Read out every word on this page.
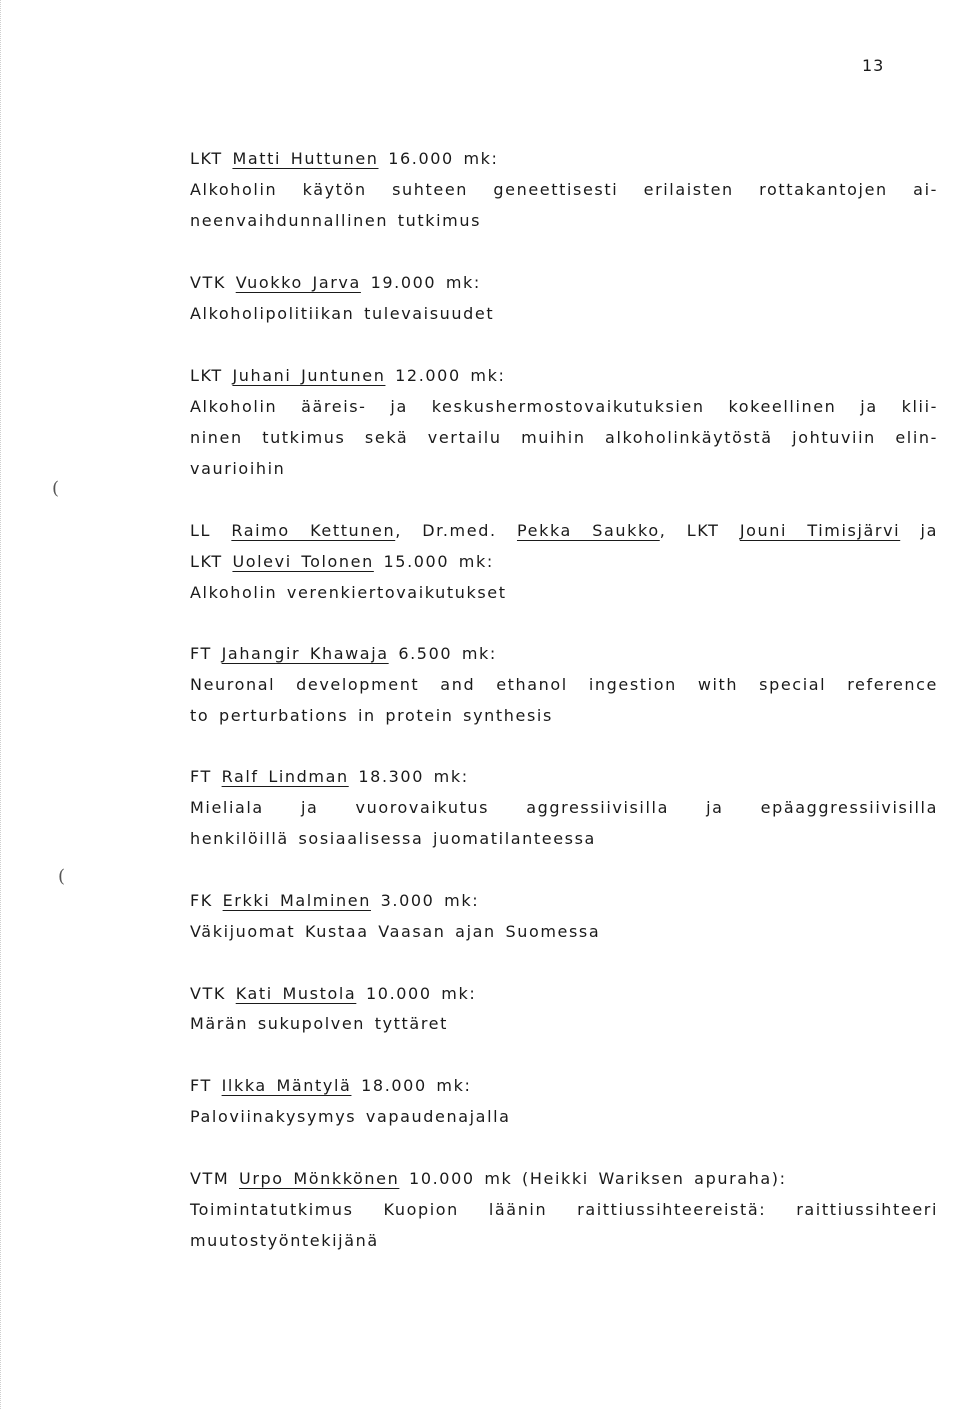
13
LKT Matti Huttunen 16.000 mk:
Alkoholin käytön suhteen geneettisesti erilaisten rottakantojen ai-
neenvaihdunnallinen tutkimus
VTK Vuokko Jarva 19.000 mk:
Alkoholipolitiikan tulevaisuudet
LKT Juhani Juntunen 12.000 mk:
Alkoholin ääreis- ja keskushermostovaikutuksien kokeellinen ja klii-
ninen tutkimus sekä vertailu muihin alkoholinkäytöstä johtuviin elin-
vaurioihin
LL Raimo Kettunen, Dr.med. Pekka Saukko, LKT Jouni Timisjärvi ja
LKT Uolevi Tolonen 15.000 mk:
Alkoholin verenkiertovaikutukset
FT Jahangir Khawaja 6.500 mk:
Neuronal development and ethanol ingestion with special reference
to perturbations in protein synthesis
FT Ralf Lindman 18.300 mk:
Mieliala ja vuorovaikutus aggressiivisilla ja epäaggressiivisilla
henkilöillä sosiaalisessa juomatilanteessa
FK Erkki Malminen 3.000 mk:
Väkijuomat Kustaa Vaasan ajan Suomessa
VTK Kati Mustola 10.000 mk:
Märän sukupolven tyttäret
FT Ilkka Mäntylä 18.000 mk:
Paloviinakysymys vapaudenajalla
VTM Urpo Mönkkönen 10.000 mk (Heikki Wariksen apuraha):
Toimintatutkimus Kuopion läänin raittiussihteereistä: raittiussihteeri
muutostyöntekijänä
(
(
